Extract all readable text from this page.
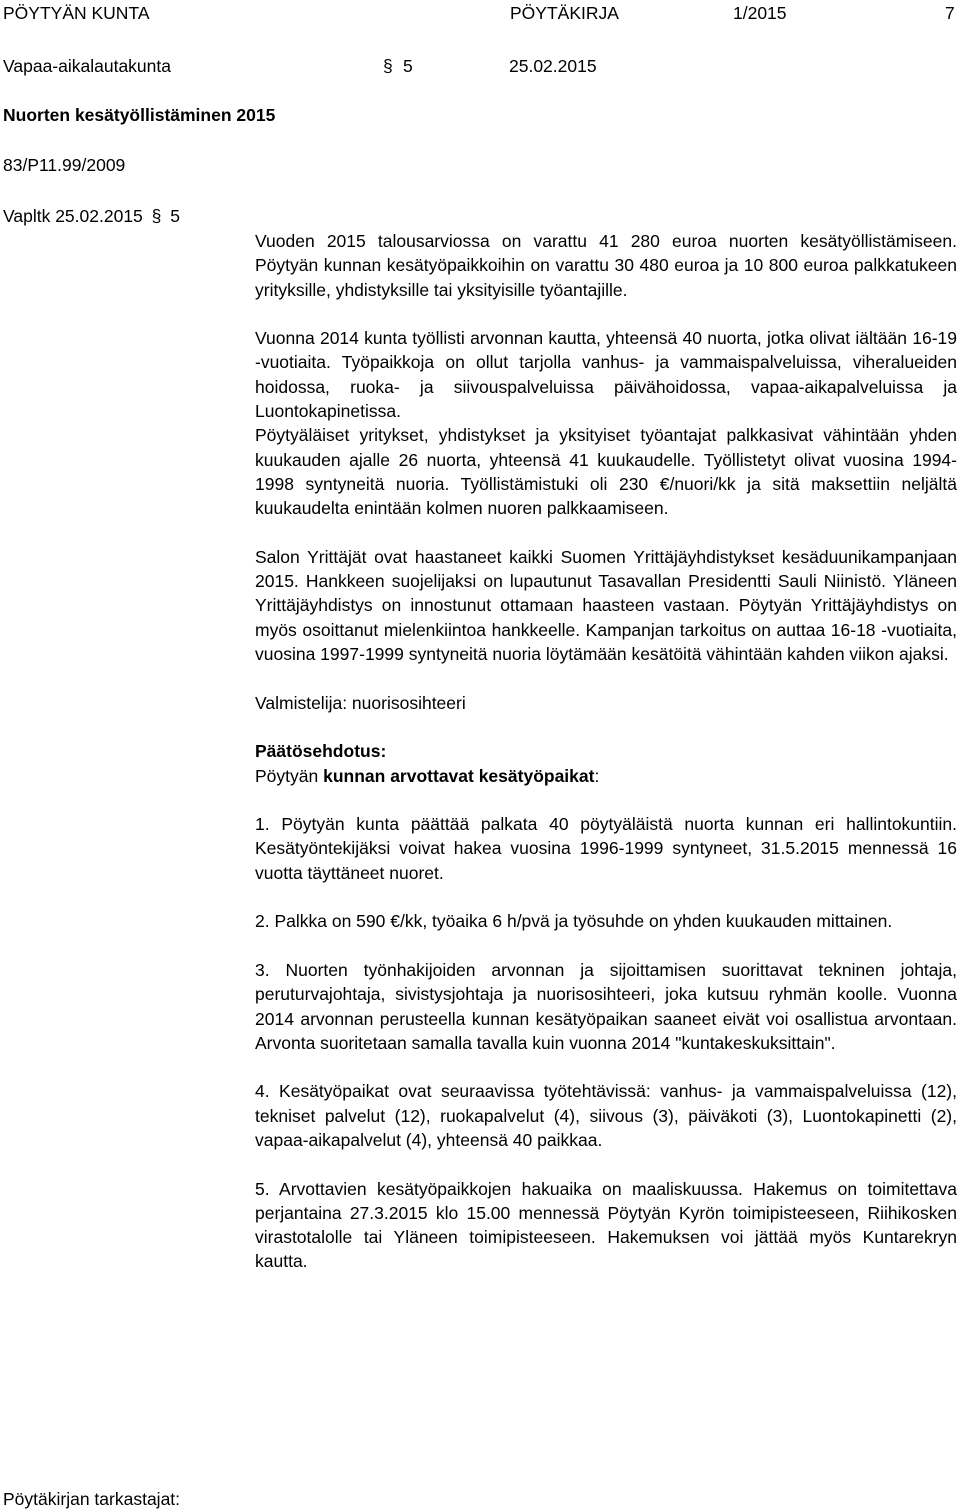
PÖYTYÄN KUNTA	PÖYTÄKIRJA	1/2015	7
Vapaa-aikalautakunta	§ 5	25.02.2015
Nuorten kesätyöllistäminen 2015
83/P11.99/2009
Vapltk 25.02.2015 § 5

Vuoden 2015 talousarviossa on varattu 41 280 euroa nuorten kesätyöllistämiseen. Pöytyän kunnan kesätyöpaikkoihin on varattu 30 480 euroa ja 10 800 euroa palkkatukeen yrityksille, yhdistyksille tai yksityisille työantajille.

Vuonna 2014 kunta työllisti arvonnan kautta, yhteensä 40 nuorta, jotka olivat iältään 16-19 -vuotiaita. Työpaikkoja on ollut tarjolla vanhus- ja vammaispalveluissa, viheralueiden hoidossa, ruoka- ja siivouspalveluissa päivähoidossa, vapaa-aikapalveluissa ja Luontokapinetissa.

Pöytyäläiset yritykset, yhdistykset ja yksityiset työantajat palkkasivat vähintään yhden kuukauden ajalle 26 nuorta, yhteensä 41 kuukaudelle. Työllistetyt olivat vuosina 1994-1998 syntyneitä nuoria. Työllistämistuki oli 230 €/nuori/kk ja sitä maksettiin neljältä kuukaudelta enintään kolmen nuoren palkkaamiseen.

Salon Yrittäjät ovat haastaneet kaikki Suomen Yrittäjäyhdistykset kesäduunikampanjaan 2015. Hankkeen suojelijaksi on lupautunut Tasavallan Presidentti Sauli Niinistö. Yläneen Yrittäjäyhdistys on innostunut ottamaan haasteen vastaan. Pöytyän Yrittäjäyhdistys on myös osoittanut mielenkiintoa hankkeelle. Kampanjan tarkoitus on auttaa 16-18 -vuotiaita, vuosina 1997-1999 syntyneitä nuoria löytämään kesätöitä vähintään kahden viikon ajaksi.

Valmistelija: nuorisosihteeri

Päätösehdotus:

Pöytyän kunnan arvottavat kesätyöpaikat:

1. Pöytyän kunta päättää palkata 40 pöytyäläistä nuorta kunnan eri hallintokuntiin. Kesätyöntekijäksi voivat hakea vuosina 1996-1999 syntyneet, 31.5.2015 mennessä 16 vuotta täyttäneet nuoret.

2. Palkka on 590 €/kk, työaika 6 h/pvä ja työsuhde on yhden kuukauden mittainen.

3. Nuorten työnhakijoiden arvonnan ja sijoittamisen suorittavat tekninen johtaja, peruturvajohtaja, sivistysjohtaja ja nuorisosihteeri, joka kutsuu ryhmän koolle. Vuonna 2014 arvonnan perusteella kunnan kesätyöpaikan saaneet eivät voi osallistua arvontaan. Arvonta suoritetaan samalla tavalla kuin vuonna 2014 "kuntakeskuksittain".

4. Kesätyöpaikat ovat seuraavissa työtehtävissä: vanhus- ja vammaispalveluissa (12), tekniset palvelut (12), ruokapalvelut (4), siivous (3), päiväkoti (3), Luontokapinetti (2), vapaa-aikapalvelut (4), yhteensä 40 paikkaa.

5. Arvottavien kesätyöpaikkojen hakuaika on maaliskuussa. Hakemus on toimitettava perjantaina 27.3.2015 klo 15.00 mennessä Pöytyän Kyrön toimipisteeseen, Riihikosken virastotalolle tai Yläneen toimipisteeseen. Hakemuksen voi jättää myös Kuntarekryn kautta.

Pöytäkirjan tarkastajat:
